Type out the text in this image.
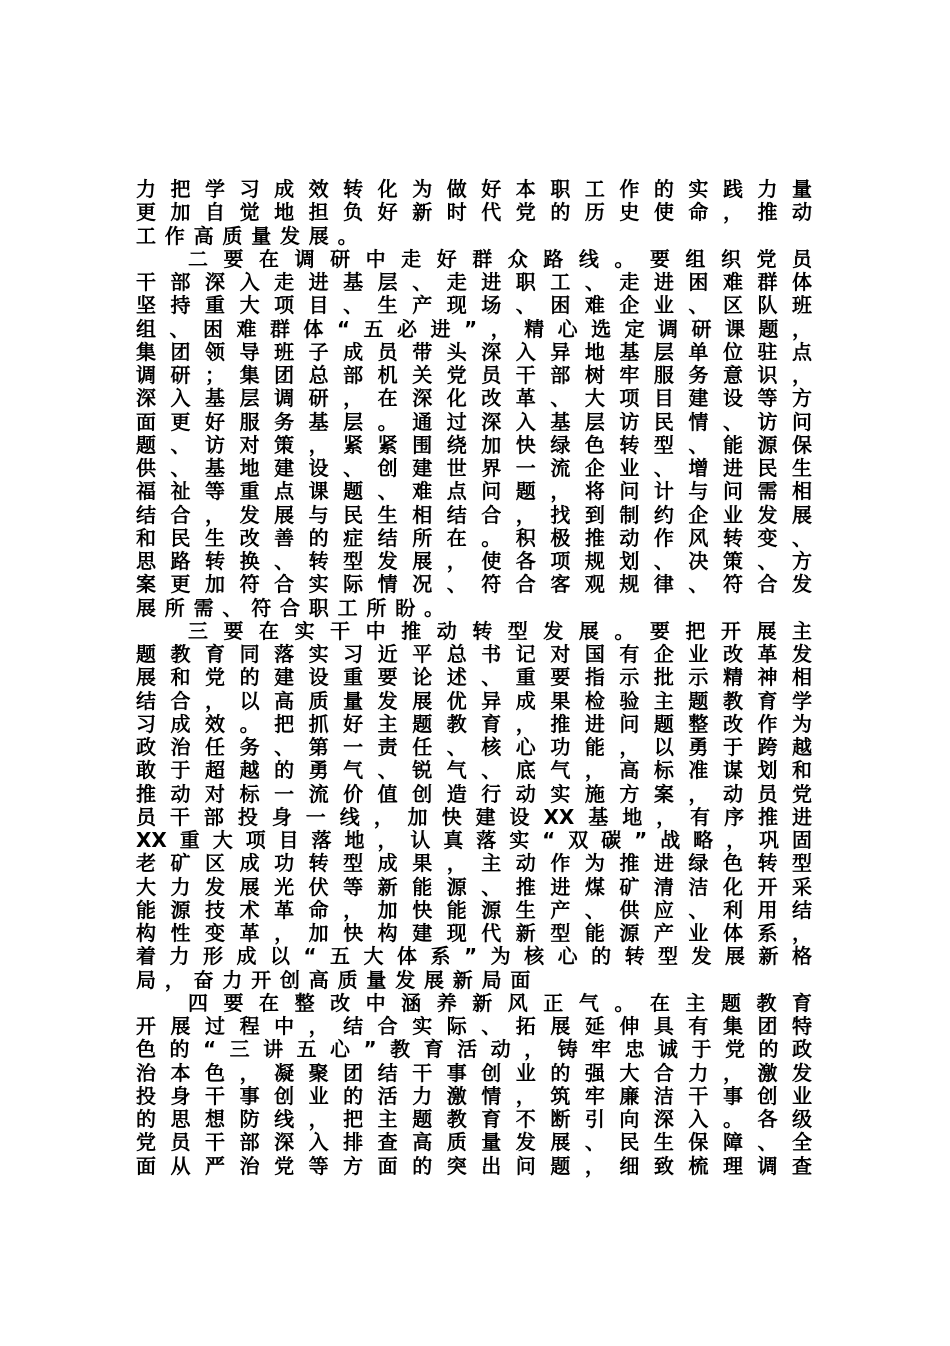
力把学习成效转化为做好本职工作的实践力量
更加自觉地担负好新时代党的历史使命，推动
工作高质量发展。
二要在调研中走好群众路线。要组织党员
干部深入走进基层、走进职工、走进困难群体
坚持重大项目、生产现场、困难企业、区队班
组、困难群体“五必进”，精心选定调研课题，
集团领导班子成员带头深入异地基层单位驻点
调研；集团总部机关党员干部树牢服务意识，
深入基层调研，在深化改革、大项目建设等方
面更好服务基层。通过深入基层访民情、访问
题、访对策，紧紧围绕加快绿色转型、能源保
供、基地建设、创建世界一流企业、增进民生
福祉等重点课题、难点问题，将问计与问需相
结合，发展与民生相结合，找到制约企业发展
和民生改善的症结所在。积极推动作风转变、
思路转换、转型发展，使各项规划、决策、方
案更加符合实际情况、符合客观规律、符合发
展所需、符合职工所盼。
三要在实干中推动转型发展。要把开展主
题教育同落实习近平总书记对国有企业改革发
展和党的建设重要论述、重要指示批示精神相
结合，以高质量发展优异成果检验主题教育学
习成效。把抓好主题教育，推进问题整改作为
政治任务、第一责任、核心功能，以勇于跨越
敢于超越的勇气、锐气、底气，高标准谋划和
推动对标一流价值创造行动实施方案，动员党
员干部投身一线，加快建设XX基地，有序推进
XX重大项目落地，认真落实“双碳”战略，巩固
老矿区成功转型成果，主动作为推进绿色转型
大力发展光伏等新能源、推进煤矿清洁化开采
能源技术革命，加快能源生产、供应、利用结
构性变革，加快构建现代新型能源产业体系，
着力形成以“五大体系”为核心的转型发展新格
局，奋力开创高质量发展新局面
四要在整改中涵养新风正气。在主题教育
开展过程中，结合实际、拓展延伸具有集团特
色的“三讲五心”教育活动，铸牢忠诚于党的政
治本色，凝聚团结干事创业的强大合力，激发
投身干事创业的活力激情，筑牢廉洁干事创业
的思想防线，把主题教育不断引向深入。各级
党员干部深入排查高质量发展、民生保障、全
面从严治党等方面的突出问题，细致梳理调查
